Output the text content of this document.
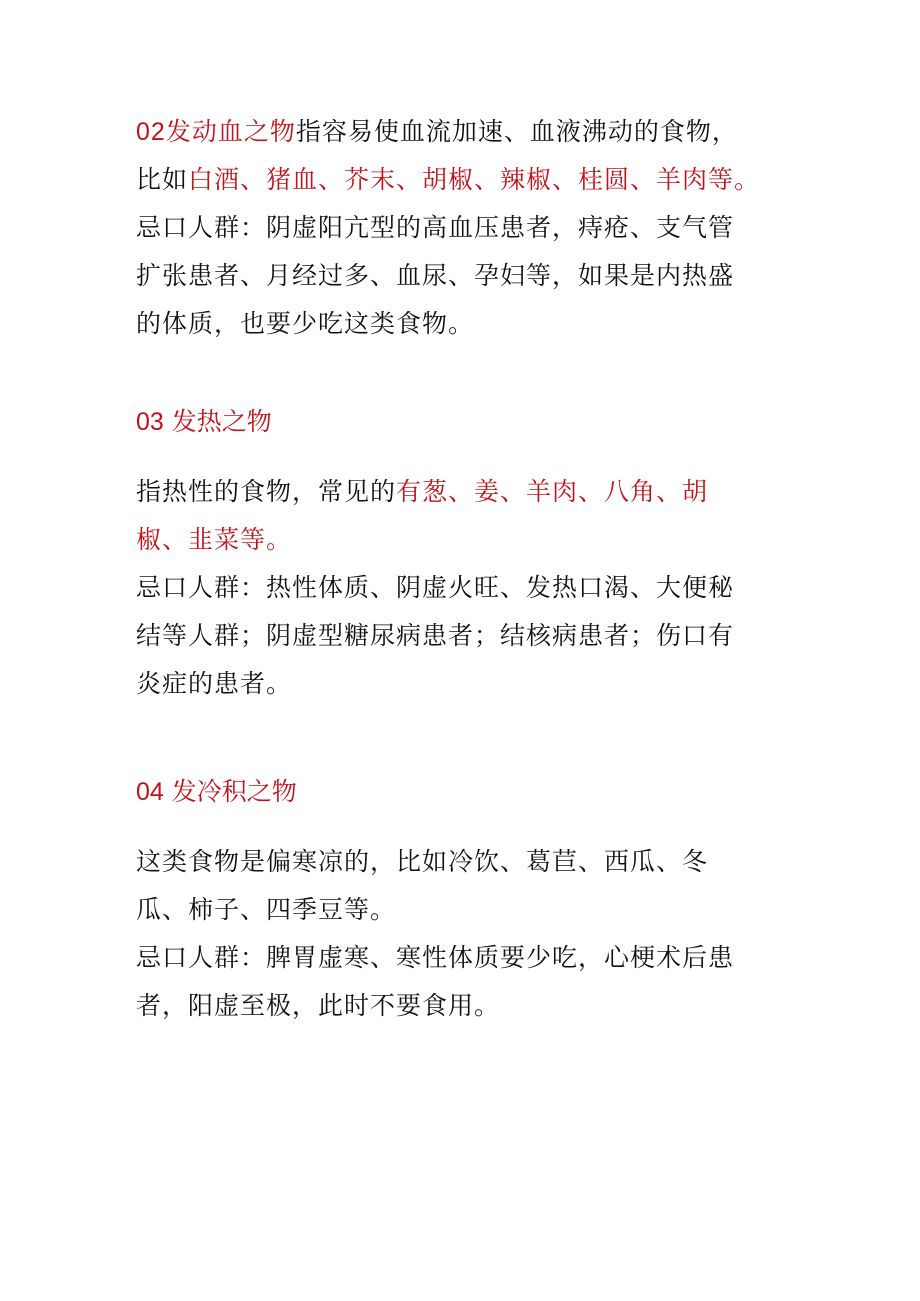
02发动血之物指容易使血流加速、血液沸动的食物，
比如白酒、猪血、芥末、胡椒、辣椒、桂圆、羊肉等。
忌口人群：阴虚阳亢型的高血压患者，痔疮、支气管
扩张患者、月经过多、血尿、孕妇等，如果是内热盛
的体质，也要少吃这类食物。
03 发热之物
指热性的食物，常见的有葱、姜、羊肉、八角、胡
椒、韭菜等。
忌口人群：热性体质、阴虚火旺、发热口渴、大便秘
结等人群；阴虚型糖尿病患者；结核病患者；伤口有
炎症的患者。
04 发冷积之物
这类食物是偏寒凉的，比如冷饮、葛苣、西瓜、冬
瓜、柿子、四季豆等。
忌口人群：脾胃虚寒、寒性体质要少吃，心梗术后患
者，阳虚至极，此时不要食用。
